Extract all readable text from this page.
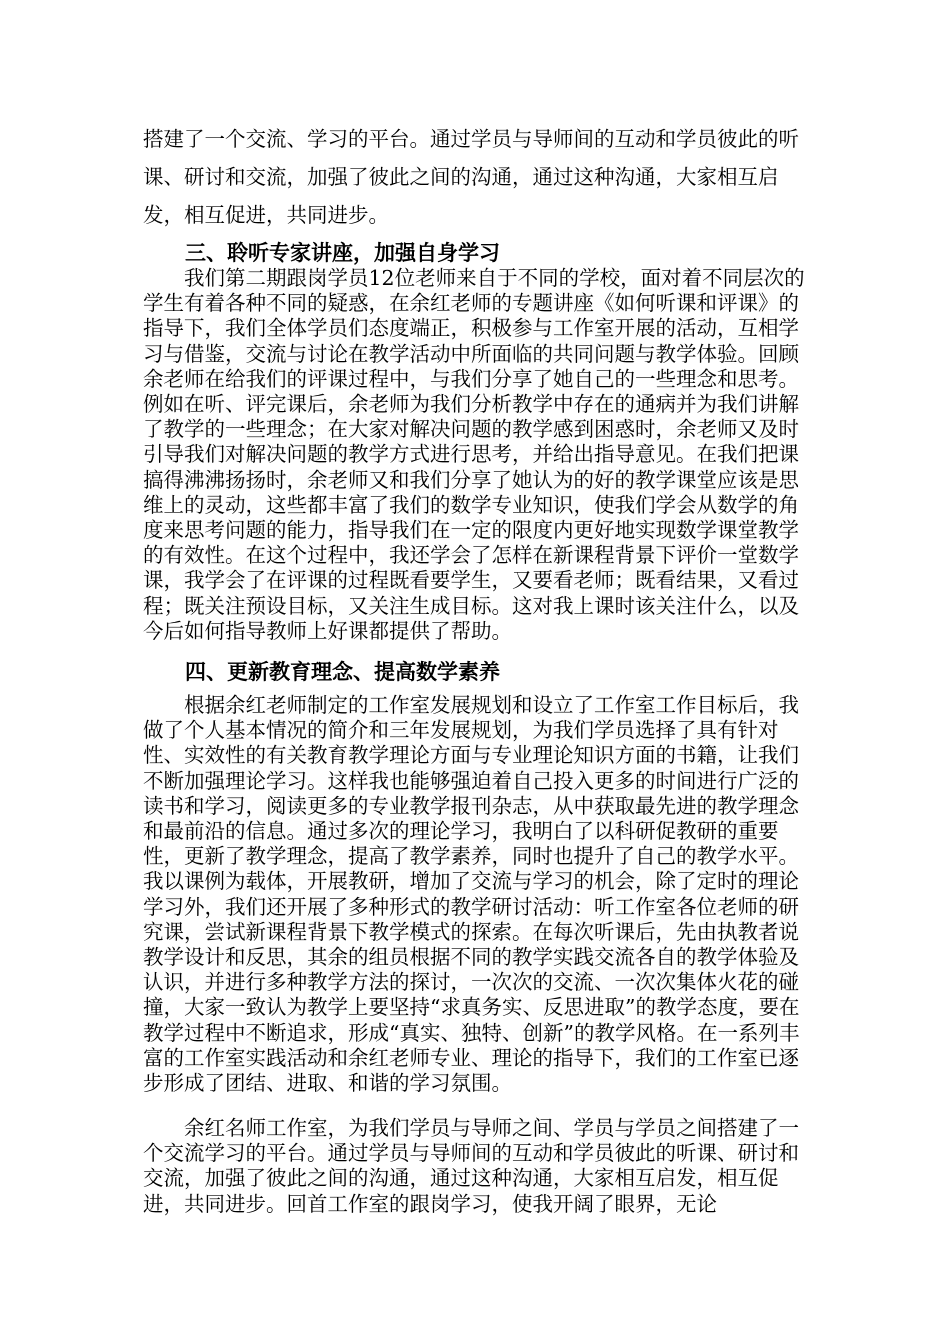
搭建了一个交流、学习的平台。通过学员与导师间的互动和学员彼此的听课、研讨和交流，加强了彼此之间的沟通，通过这种沟通，大家相互启发，相互促进，共同进步。

三、聆听专家讲座，加强自身学习

我们第二期跟岗学员12位老师来自于不同的学校，面对着不同层次的学生有着各种不同的疑惑，在余红老师的专题讲座《如何听课和评课》的指导下，我们全体学员们态度端正，积极参与工作室开展的活动，互相学习与借鉴，交流与讨论在教学活动中所面临的共同问题与教学体验。回顾余老师在给我们的评课过程中，与我们分享了她自己的一些理念和思考。例如在听、评完课后，余老师为我们分析教学中存在的通病并为我们讲解了教学的一些理念；在大家对解决问题的教学感到困惑时，余老师又及时引导我们对解决问题的教学方式进行思考，并给出指导意见。在我们把课搞得沸沸扬扬时，余老师又和我们分享了她认为的好的教学课堂应该是思维上的灵动，这些都丰富了我们的数学专业知识，使我们学会从数学的角度来思考问题的能力，指导我们在一定的限度内更好地实现数学课堂教学的有效性。在这个过程中，我还学会了怎样在新课程背景下评价一堂数学课，我学会了在评课的过程既看要学生，又要看老师；既看结果，又看过程；既关注预设目标，又关注生成目标。这对我上课时该关注什么，以及今后如何指导教师上好课都提供了帮助。

四、更新教育理念、提高数学素养

根据余红老师制定的工作室发展规划和设立了工作室工作目标后，我做了个人基本情况的简介和三年发展规划，为我们学员选择了具有针对性、实效性的有关教育教学理论方面与专业理论知识方面的书籍，让我们不断加强理论学习。这样我也能够强迫着自己投入更多的时间进行广泛的读书和学习，阅读更多的专业教学报刊杂志，从中获取最先进的教学理念和最前沿的信息。通过多次的理论学习，我明白了以科研促教研的重要性，更新了教学理念，提高了教学素养，同时也提升了自己的教学水平。我以课例为载体，开展教研，增加了交流与学习的机会，除了定时的理论学习外，我们还开展了多种形式的教学研讨活动：听工作室各位老师的研究课，尝试新课程背景下教学模式的探索。在每次听课后，先由执教者说教学设计和反思，其余的组员根据不同的教学实践交流各自的教学体验及认识，并进行多种教学方法的探讨，一次次的交流、一次次集体火花的碰撞，大家一致认为教学上要坚持“求真务实、反思进取”的教学态度，要在教学过程中不断追求，形成“真实、独特、创新”的教学风格。在一系列丰富的工作室实践活动和余红老师专业、理论的指导下，我们的工作室已逐步形成了团结、进取、和谐的学习氛围。

余红名师工作室，为我们学员与导师之间、学员与学员之间搭建了一个交流学习的平台。通过学员与导师间的互动和学员彼此的听课、研讨和交流，加强了彼此之间的沟通，通过这种沟通，大家相互启发，相互促进，共同进步。回首工作室的跟岗学习，使我开阔了眼界，无论
